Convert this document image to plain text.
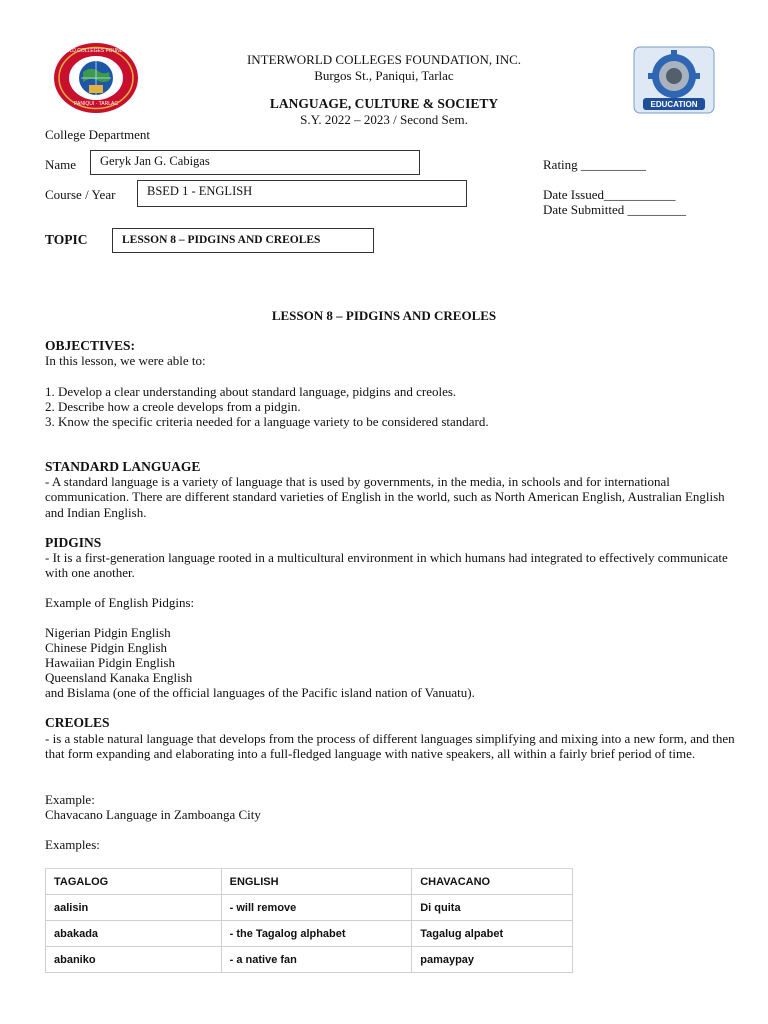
PANIQUI · TARLAC
INTERWORLD COLLEGES FOUNDATION INC.
EDUCATION
INTERWORLD COLLEGES FOUNDATION, INC.
Burgos St., Paniqui, Tarlac
LANGUAGE, CULTURE & SOCIETY
S.Y. 2022 – 2023 / Second Sem.
College Department
Name	Geryk Jan G. Cabigas
Course / Year	BSED 1 - ENGLISH
Rating __________
Date Issued___________
Date Submitted _________
TOPIC	LESSON 8 – PIDGINS AND CREOLES
LESSON 8 – PIDGINS AND CREOLES
OBJECTIVES:
In this lesson, we were able to:
1. Develop a clear understanding about standard language, pidgins and creoles.
2. Describe how a creole develops from a pidgin.
3. Know the specific criteria needed for a language variety to be considered standard.
STANDARD LANGUAGE
- A standard language is a variety of language that is used by governments, in the media, in schools and for international communication. There are different standard varieties of English in the world, such as North American English, Australian English and Indian English.
PIDGINS
- It is a first-generation language rooted in a multicultural environment in which humans had integrated to effectively communicate with one another.
Example of English Pidgins:
Nigerian Pidgin English
Chinese Pidgin English
Hawaiian Pidgin English
Queensland Kanaka English
and Bislama (one of the official languages of the Pacific island nation of Vanuatu).
CREOLES
- is a stable natural language that develops from the process of different languages simplifying and mixing into a new form, and then that form expanding and elaborating into a full-fledged language with native speakers, all within a fairly brief period of time.
Example:
Chavacano Language in Zamboanga City
Examples:
TAGALOG	ENGLISH	CHAVACANO
aalisin	- will remove	Di quita
abakada	- the Tagalog alphabet	Tagalug alpabet
abaniko	- a native fan	pamaypay
